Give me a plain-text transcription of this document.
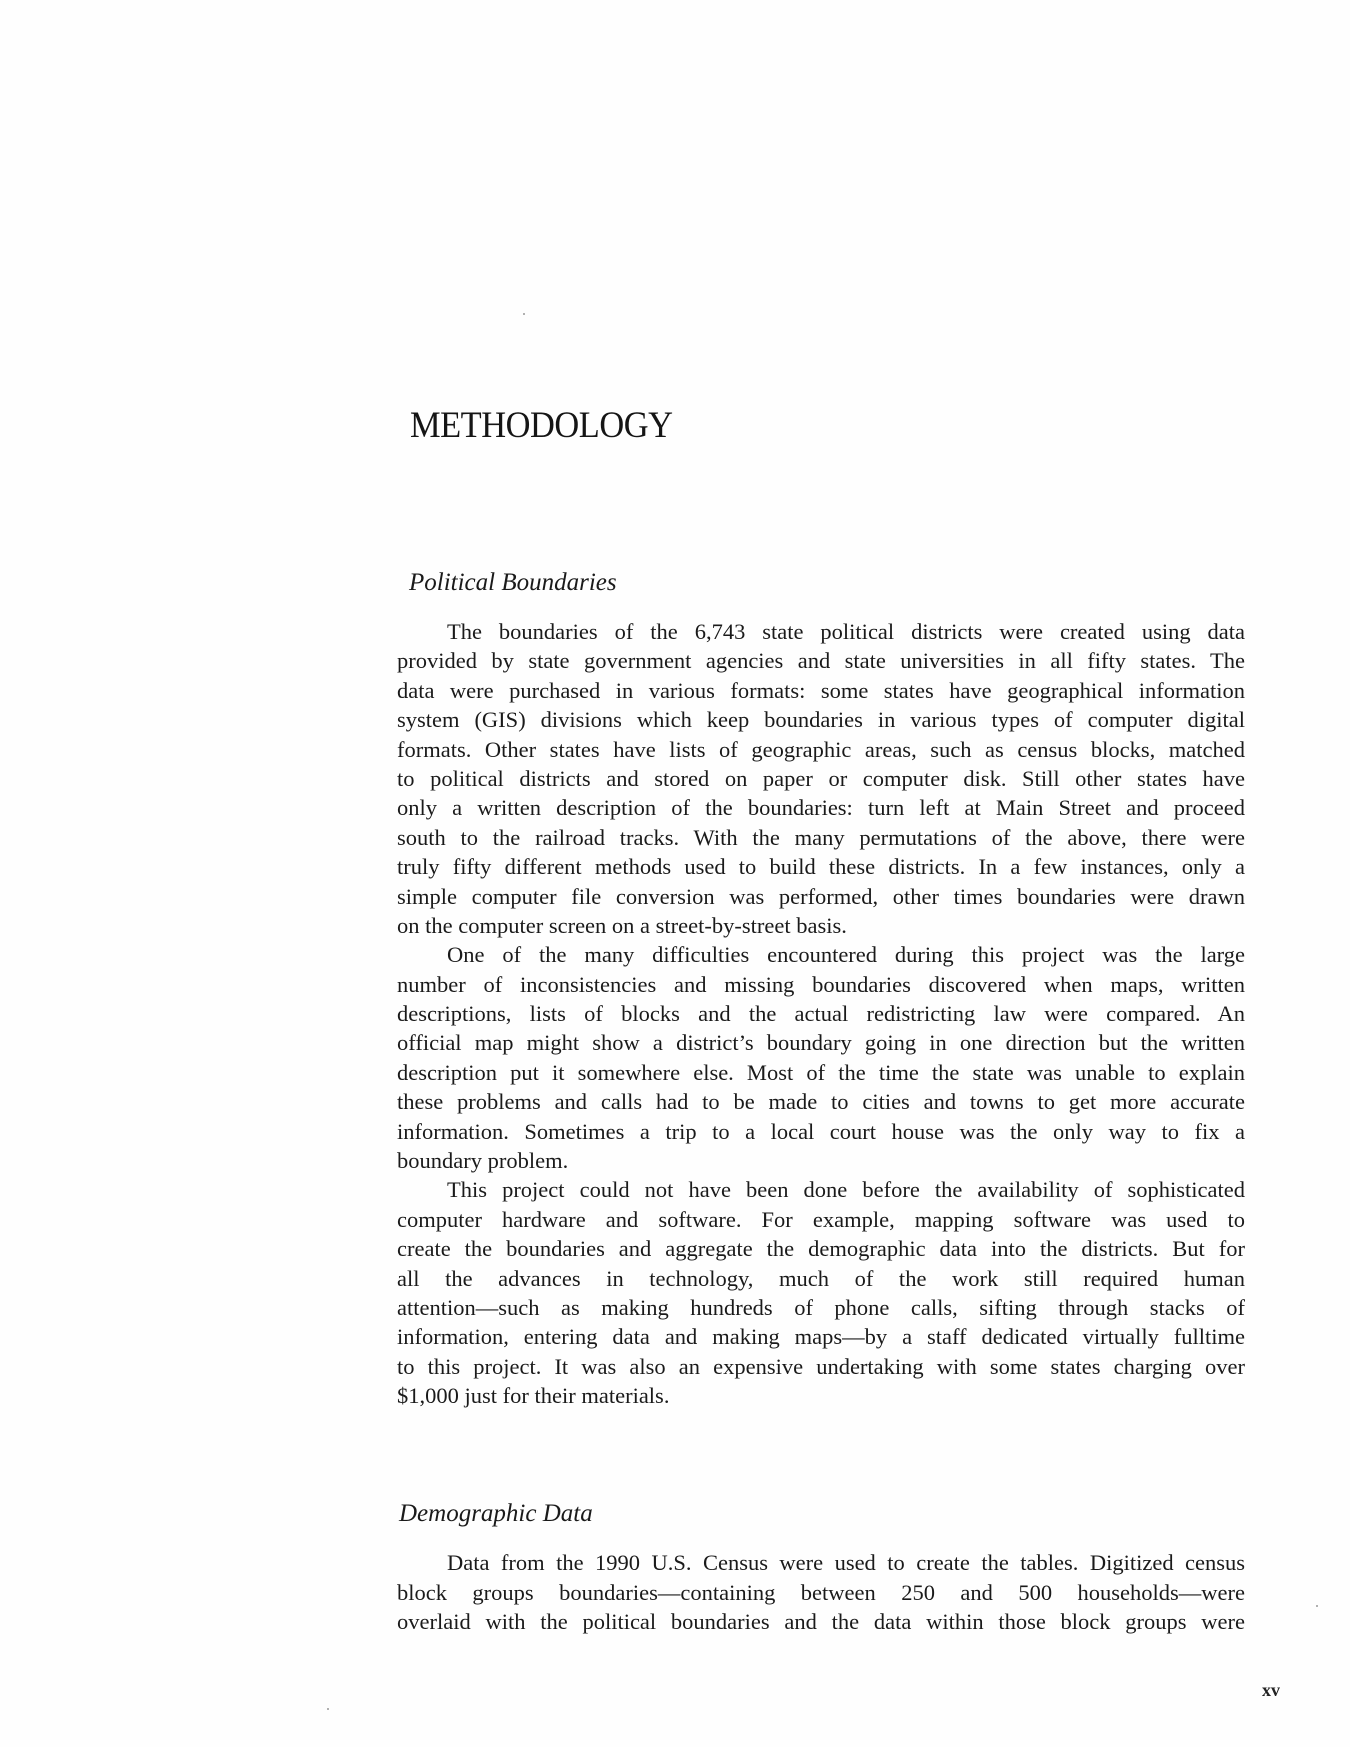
METHODOLOGY
Political Boundaries
The boundaries of the 6,743 state political districts were created using data
provided by state government agencies and state universities in all fifty states. The
data were purchased in various formats: some states have geographical information
system (GIS) divisions which keep boundaries in various types of computer digital
formats. Other states have lists of geographic areas, such as census blocks, matched
to political districts and stored on paper or computer disk. Still other states have
only a written description of the boundaries: turn left at Main Street and proceed
south to the railroad tracks. With the many permutations of the above, there were
truly fifty different methods used to build these districts. In a few instances, only a
simple computer file conversion was performed, other times boundaries were drawn
on the computer screen on a street-by-street basis.
One of the many difficulties encountered during this project was the large
number of inconsistencies and missing boundaries discovered when maps, written
descriptions, lists of blocks and the actual redistricting law were compared. An
official map might show a district’s boundary going in one direction but the written
description put it somewhere else. Most of the time the state was unable to explain
these problems and calls had to be made to cities and towns to get more accurate
information. Sometimes a trip to a local court house was the only way to fix a
boundary problem.
This project could not have been done before the availability of sophisticated
computer hardware and software. For example, mapping software was used to
create the boundaries and aggregate the demographic data into the districts. But for
all the advances in technology, much of the work still required human
attention—such as making hundreds of phone calls, sifting through stacks of
information, entering data and making maps—by a staff dedicated virtually fulltime
to this project. It was also an expensive undertaking with some states charging over
$1,000 just for their materials.
Demographic Data
Data from the 1990 U.S. Census were used to create the tables. Digitized census
block groups boundaries—containing between 250 and 500 households—were
overlaid with the political boundaries and the data within those block groups were
xv
